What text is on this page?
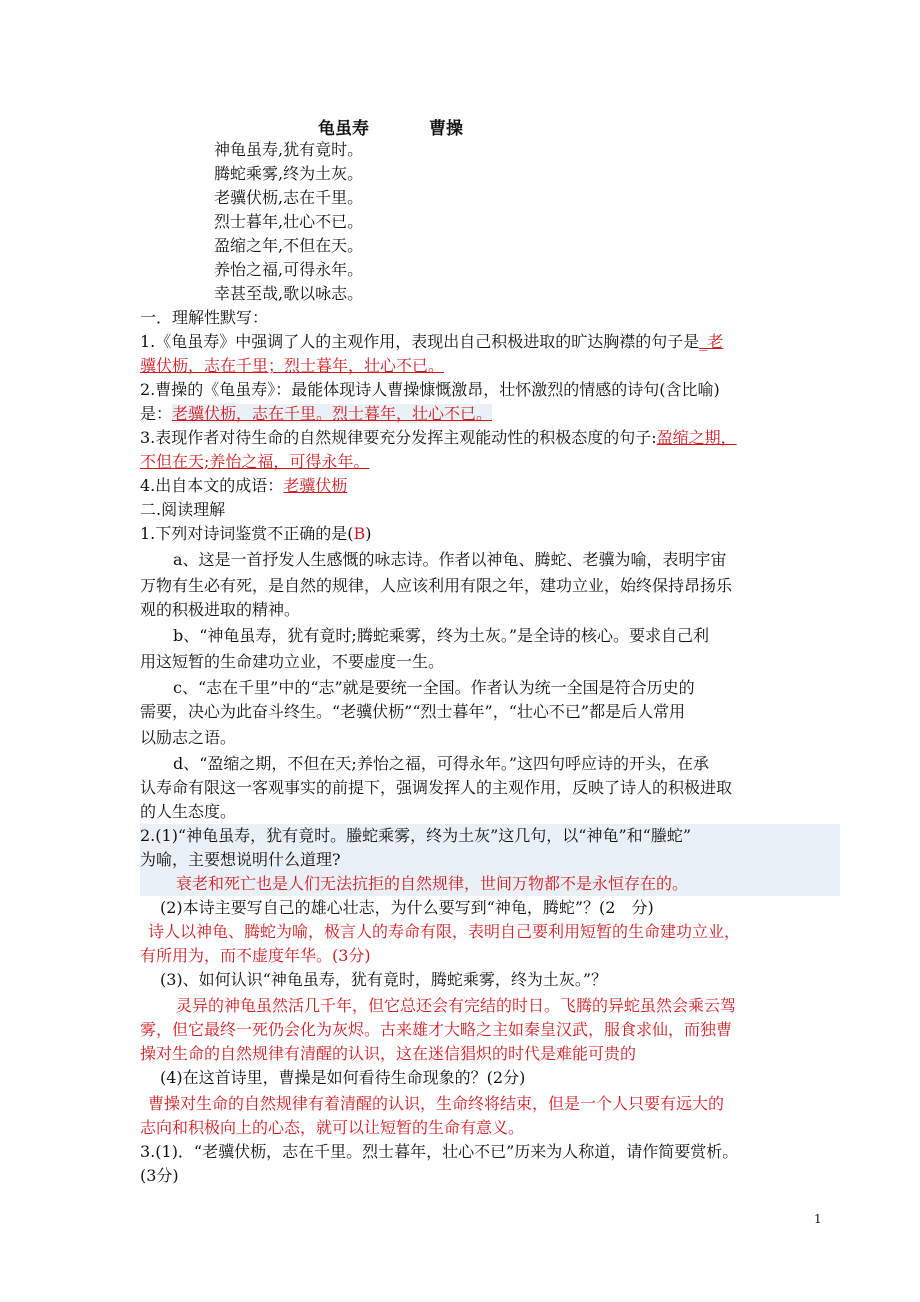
龟虽寿	曹操
神龟虽寿,犹有竟时。
腾蛇乘雾,终为土灰。
老骥伏枥,志在千里。
烈士暮年,壮心不已。
盈缩之年,不但在天。
养怡之福,可得永年。
幸甚至哉,歌以咏志。
一．理解性默写：
1.《龟虽寿》中强调了人的主观作用，表现出自己积极进取的旷达胸襟的句子是_老
骥伏枥，志在千里；烈士暮年，壮心不已。
2.曹操的《龟虽寿》：最能体现诗人曹操慷慨激昂，壮怀激烈的情感的诗句(含比喻)
是：老骥伏枥，志在千里。烈士暮年，壮心不已。
3.表现作者对待生命的自然规律要充分发挥主观能动性的积极态度的句子:盈缩之期，
不但在天;养怡之福，可得永年。
4.出自本文的成语：老骥伏枥
二.阅读理解
1.下列对诗词鉴赏不正确的是(B)
a、这是一首抒发人生感慨的咏志诗。作者以神龟、腾蛇、老骥为喻，表明宇宙
万物有生必有死，是自然的规律，人应该利用有限之年，建功立业，始终保持昂扬乐
观的积极进取的精神。
b、“神龟虽寿，犹有竟时;腾蛇乘雾，终为土灰。”是全诗的核心。要求自己利
用这短暂的生命建功立业，不要虚度一生。
c、“志在千里”中的“志”就是要统一全国。作者认为统一全国是符合历史的
需要，决心为此奋斗终生。“老骥伏枥”“烈士暮年”，“壮心不已”都是后人常用
以励志之语。
d、“盈缩之期，不但在天;养怡之福，可得永年。”这四句呼应诗的开头，在承
认寿命有限这一客观事实的前提下，强调发挥人的主观作用，反映了诗人的积极进取
的人生态度。
2.(1)“神龟虽寿，犹有竟时。螣蛇乘雾，终为土灰”这几句，以“神龟”和“螣蛇”
为喻，主要想说明什么道理?
衰老和死亡也是人们无法抗拒的自然规律，世间万物都不是永恒存在的。
(2)本诗主要写自己的雄心壮志，为什么要写到“神龟，腾蛇”？(2　分)
诗人以神龟、腾蛇为喻，极言人的寿命有限，表明自己要利用短暂的生命建功立业，
有所用为，而不虚度年华。(3分)
(3)、如何认识“神龟虽寿，犹有竟时，腾蛇乘雾，终为土灰。”？
灵异的神龟虽然活几千年，但它总还会有完结的时日。飞腾的异蛇虽然会乘云驾
雾，但它最终一死仍会化为灰烬。古来雄才大略之主如秦皇汉武，服食求仙，而独曹
操对生命的自然规律有清醒的认识，这在迷信猖炽的时代是难能可贵的
(4)在这首诗里，曹操是如何看待生命现象的？(2分)
曹操对生命的自然规律有着清醒的认识，生命终将结束，但是一个人只要有远大的
志向和积极向上的心态，就可以让短暂的生命有意义。
3.(1)．“老骥伏枥，志在千里。烈士暮年，壮心不已”历来为人称道，请作简要赏析。
(3分)
1
